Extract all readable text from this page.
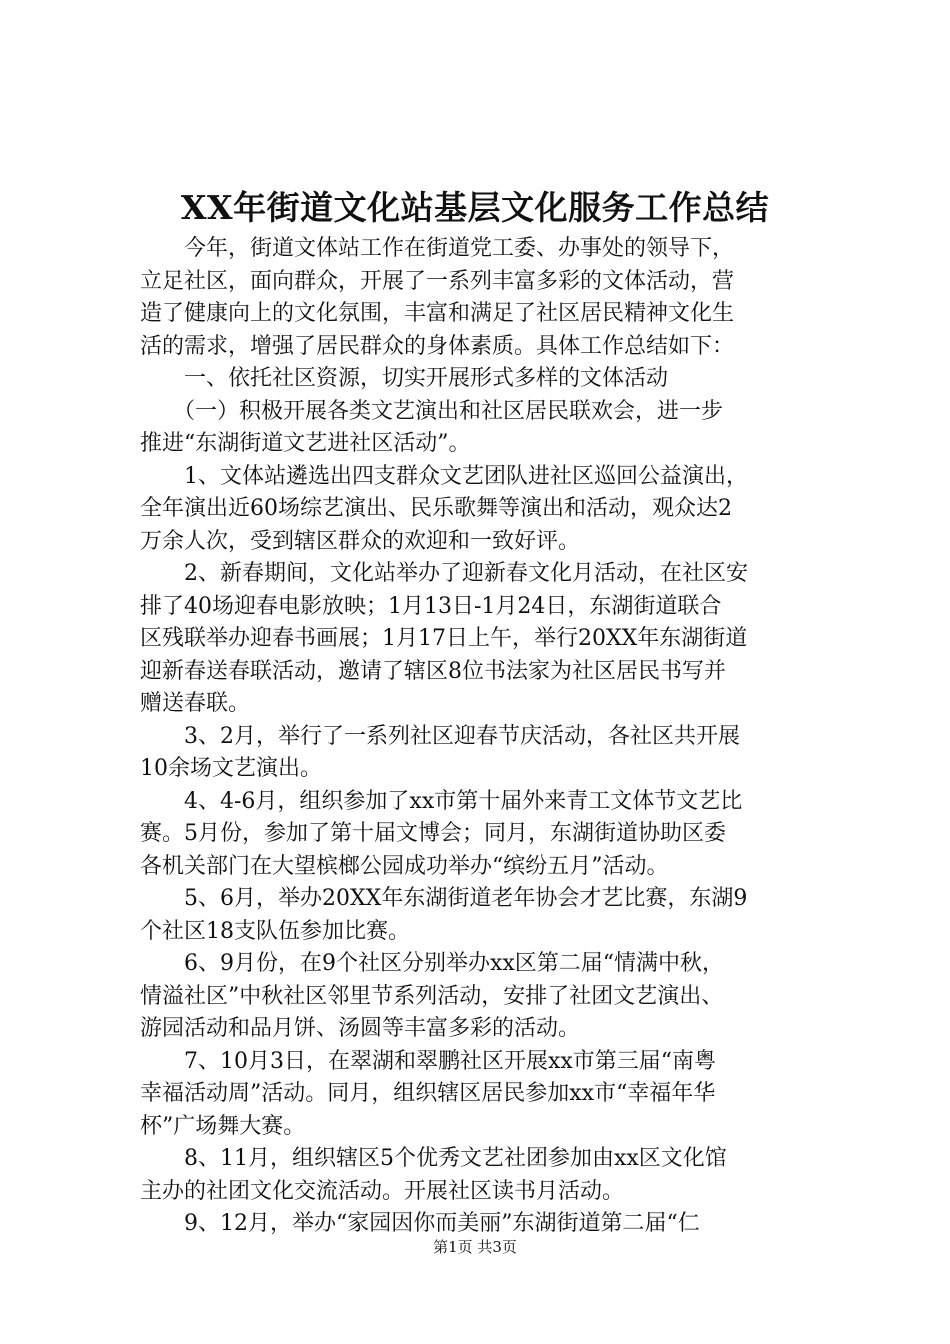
XX年街道文化站基层文化服务工作总结
　　今年，街道文体站工作在街道党工委、办事处的领导下，
立足社区，面向群众，开展了一系列丰富多彩的文体活动，营
造了健康向上的文化氛围，丰富和满足了社区居民精神文化生
活的需求，增强了居民群众的身体素质。具体工作总结如下：
　　一、依托社区资源，切实开展形式多样的文体活动
　　（一）积极开展各类文艺演出和社区居民联欢会，进一步
推进“东湖街道文艺进社区活动”。
　　1、文体站遴选出四支群众文艺团队进社区巡回公益演出，
全年演出近60场综艺演出、民乐歌舞等演出和活动，观众达2
万余人次，受到辖区群众的欢迎和一致好评。
　　2、新春期间，文化站举办了迎新春文化月活动，在社区安
排了40场迎春电影放映；1月13日-1月24日，东湖街道联合
区残联举办迎春书画展；1月17日上午，举行20XX年东湖街道
迎新春送春联活动，邀请了辖区8位书法家为社区居民书写并
赠送春联。
　　3、2月，举行了一系列社区迎春节庆活动，各社区共开展
10余场文艺演出。
　　4、4-6月，组织参加了xx市第十届外来青工文体节文艺比
赛。5月份，参加了第十届文博会；同月，东湖街道协助区委
各机关部门在大望槟榔公园成功举办“缤纷五月”活动。
　　5、6月，举办20XX年东湖街道老年协会才艺比赛，东湖9
个社区18支队伍参加比赛。
　　6、9月份，在9个社区分别举办xx区第二届“情满中秋，
情溢社区”中秋社区邻里节系列活动，安排了社团文艺演出、
游园活动和品月饼、汤圆等丰富多彩的活动。
　　7、10月3日，在翠湖和翠鹏社区开展xx市第三届“南粤
幸福活动周”活动。同月，组织辖区居民参加xx市“幸福年华
杯”广场舞大赛。
　　8、11月，组织辖区5个优秀文艺社团参加由xx区文化馆
主办的社团文化交流活动。开展社区读书月活动。
　　9、12月，举办“家园因你而美丽”东湖街道第二届“仁
第1页 共3页
